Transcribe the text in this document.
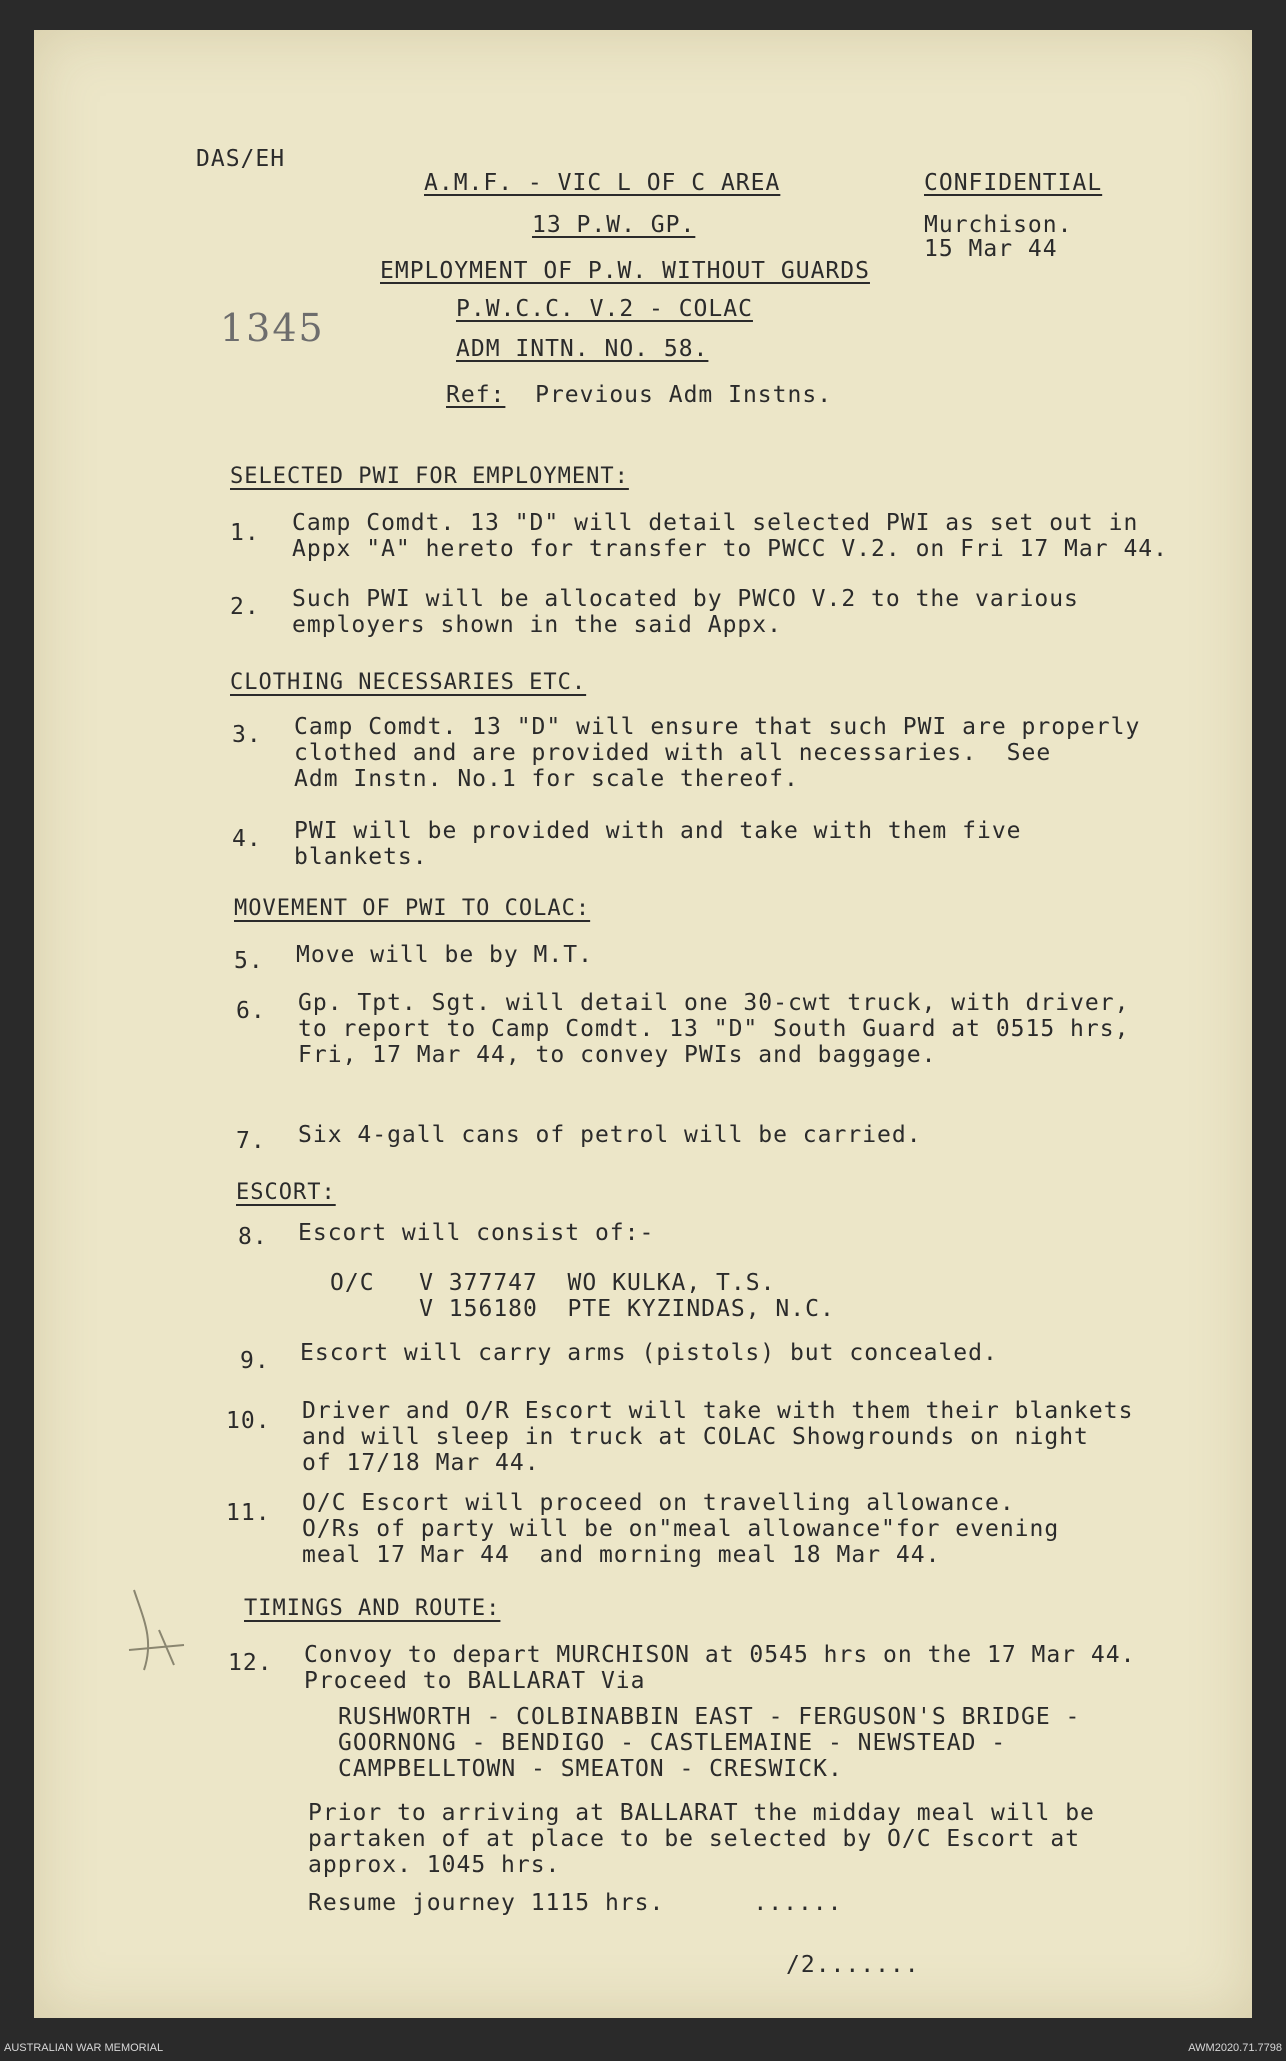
DAS/EH
A.M.F. - VIC L OF C AREA
13 P.W. GP.
EMPLOYMENT OF P.W. WITHOUT GUARDS
P.W.C.C. V.2 - COLAC
ADM INTN. NO. 58.
Ref: Previous Adm Instns.
CONFIDENTIAL
Murchison.
15 Mar 44
1345
SELECTED PWI FOR EMPLOYMENT:
1. Camp Comdt. 13 "D" will detail selected PWI as set out in
Appx "A" hereto for transfer to PWCC V.2. on Fri 17 Mar 44.
2. Such PWI will be allocated by PWCO V.2 to the various
employers shown in the said Appx.
CLOTHING NECESSARIES ETC.
3. Camp Comdt. 13 "D" will ensure that such PWI are properly
clothed and are provided with all necessaries.  See
Adm Instn. No.1 for scale thereof.
4. PWI will be provided with and take with them five
blankets.
MOVEMENT OF PWI TO COLAC:
5. Move will be by M.T.
6. Gp. Tpt. Sgt. will detail one 30-cwt truck, with driver,
to report to Camp Comdt. 13 "D" South Guard at 0515 hrs,
Fri, 17 Mar 44, to convey PWIs and baggage.
7. Six 4-gall cans of petrol will be carried.
ESCORT:
8. Escort will consist of:-
O/C   V 377747  WO KULKA, T.S.
V 156180  PTE KYZINDAS, N.C.
9. Escort will carry arms (pistols) but concealed.
10. Driver and O/R Escort will take with them their blankets
and will sleep in truck at COLAC Showgrounds on night
of 17/18 Mar 44.
11. O/C Escort will proceed on travelling allowance.
O/Rs of party will be on"meal allowance"for evening
meal 17 Mar 44  and morning meal 18 Mar 44.
TIMINGS AND ROUTE:
12. Convoy to depart MURCHISON at 0545 hrs on the 17 Mar 44.
Proceed to BALLARAT Via
RUSHWORTH - COLBINABBIN EAST - FERGUSON'S BRIDGE -
GOORNONG - BENDIGO - CASTLEMAINE - NEWSTEAD -
CAMPBELLTOWN - SMEATON - CRESWICK.
Prior to arriving at BALLARAT the midday meal will be
partaken of at place to be selected by O/C Escort at
approx. 1045 hrs.
Resume journey 1115 hrs.      ......
/2.......
AUSTRALIAN WAR MEMORIAL	AWM2020.71.7798
